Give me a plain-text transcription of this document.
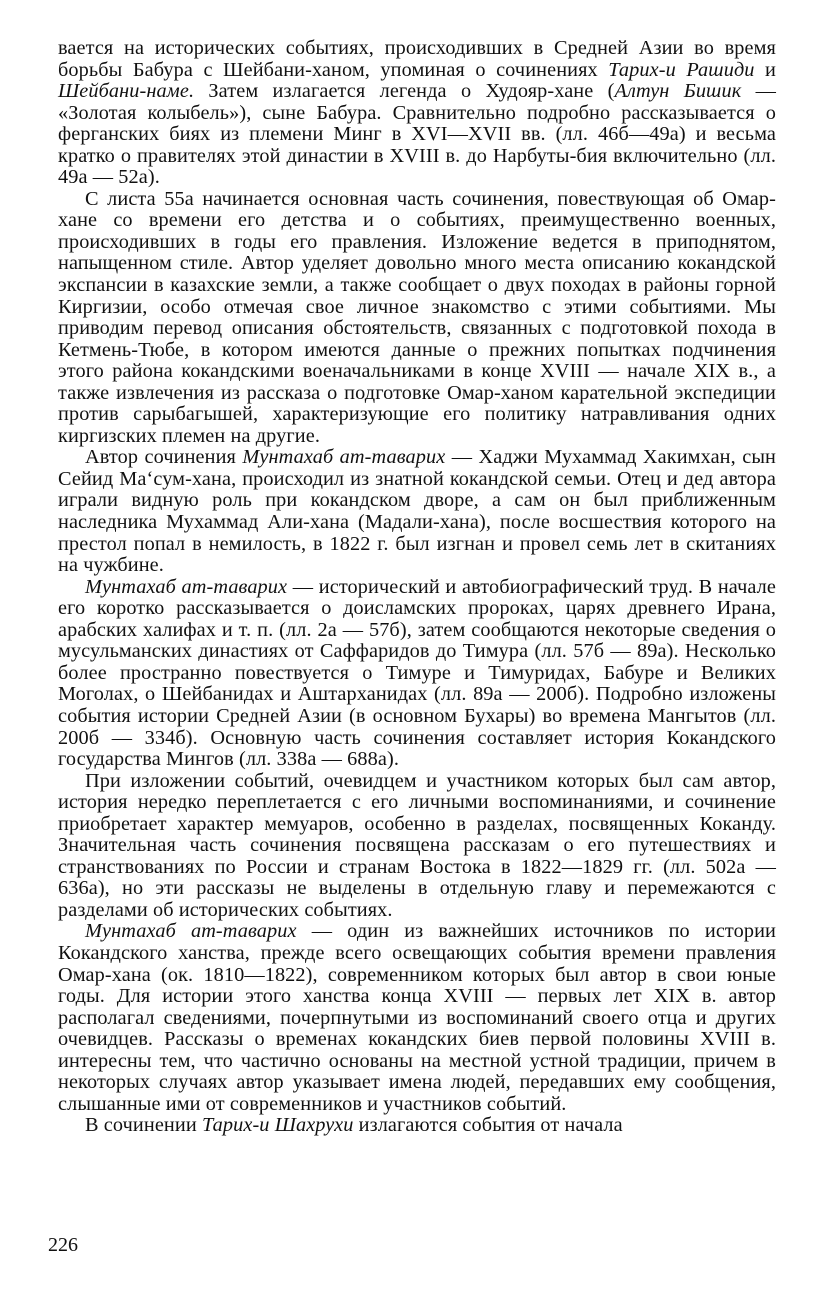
вается на исторических событиях, происходивших в Средней Азии во время борьбы Бабура с Шейбани-ханом, упоминая о сочинениях Тарих-и Рашиди и Шейбани-наме. Затем излагается легенда о Худояр-хане (Алтун Бишик — «Золотая колыбель»), сыне Бабура. Сравнительно подробно рассказывается о ферганских биях из племени Минг в XVI—XVII вв. (лл. 46б—49а) и весьма кратко о правителях этой династии в XVIII в. до Нарбуты-бия включительно (лл. 49а — 52а).

С листа 55а начинается основная часть сочинения, повествующая об Омар-хане со времени его детства и о событиях, преимущественно военных, происходивших в годы его правления. Изложение ведется в приподнятом, напыщенном стиле. Автор уделяет довольно много места описанию кокандской экспансии в казахские земли, а также сообщает о двух походах в районы горной Киргизии, особо отмечая свое личное знакомство с этими событиями. Мы приводим перевод описания обстоятельств, связанных с подготовкой похода в Кетмень-Тюбе, в котором имеются данные о прежних попытках подчинения этого района кокандскими военачальниками в конце XVIII — начале XIX в., а также извлечения из рассказа о подготовке Омар-ханом карательной экспедиции против сарыбагышей, характеризующие его политику натравливания одних киргизских племен на другие.

Автор сочинения Мунтахаб ат-таварих — Хаджи Мухаммад Хакимхан, сын Сейид Ма‘сум-хана, происходил из знатной кокандской семьи. Отец и дед автора играли видную роль при кокандском дворе, а сам он был приближенным наследника Мухаммад Али-хана (Мадали-хана), после восшествия которого на престол попал в немилость, в 1822 г. был изгнан и провел семь лет в скитаниях на чужбине.

Мунтахаб ат-таварих — исторический и автобиографический труд. В начале его коротко рассказывается о доисламских пророках, царях древнего Ирана, арабских халифах и т. п. (лл. 2а — 57б), затем сообщаются некоторые сведения о мусульманских династиях от Саффаридов до Тимура (лл. 57б — 89а). Несколько более пространно повествуется о Тимуре и Тимуридах, Бабуре и Великих Моголах, о Шейбанидах и Аштарханидах (лл. 89а — 200б). Подробно изложены события истории Средней Азии (в основном Бухары) во времена Мангытов (лл. 200б — 334б). Основную часть сочинения составляет история Кокандского государства Мингов (лл. 338а — 688а).

При изложении событий, очевидцем и участником которых был сам автор, история нередко переплетается с его личными воспоминаниями, и сочинение приобретает характер мемуаров, особенно в разделах, посвященных Коканду. Значительная часть сочинения посвящена рассказам о его путешествиях и странствованиях по России и странам Востока в 1822—1829 гг. (лл. 502а — 636а), но эти рассказы не выделены в отдельную главу и перемежаются с разделами об исторических событиях.

Мунтахаб ат-таварих — один из важнейших источников по истории Кокандского ханства, прежде всего освещающих события времени правления Омар-хана (ок. 1810—1822), современником которых был автор в свои юные годы. Для истории этого ханства конца XVIII — первых лет XIX в. автор располагал сведениями, почерпнутыми из воспоминаний своего отца и других очевидцев. Рассказы о временах кокандских биев первой половины XVIII в. интересны тем, что частично основаны на местной устной традиции, причем в некоторых случаях автор указывает имена людей, передавших ему сообщения, слышанные ими от современников и участников событий.

В сочинении Тарих-и Шахрухи излагаются события от начала

226
